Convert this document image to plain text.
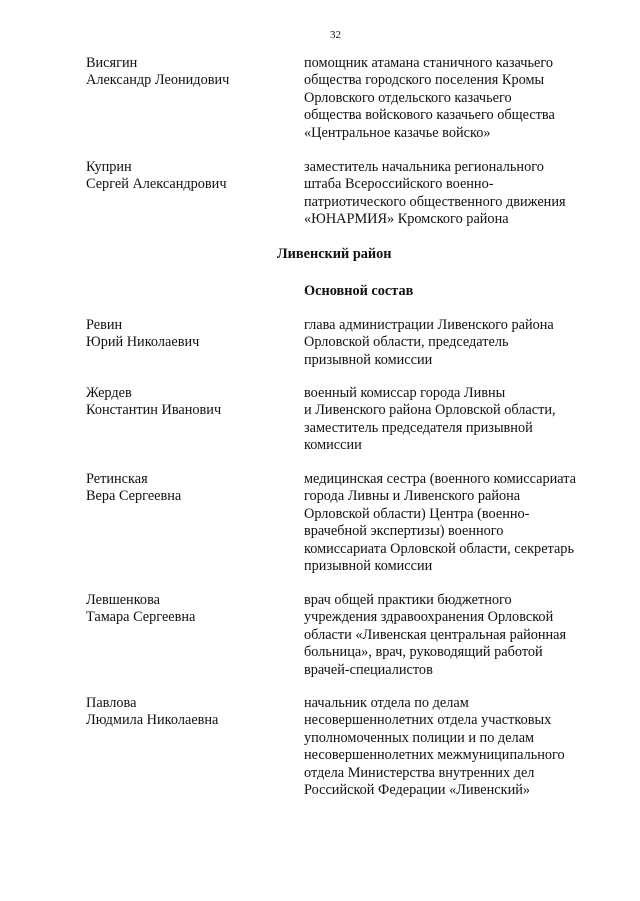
32
Висягин
Александр Леонидович
помощник атамана станичного казачьего
общества городского поселения Кромы
Орловского отдельского казачьего
общества войскового казачьего общества
«Центральное казачье войско»
Куприн
Сергей Александрович
заместитель начальника регионального
штаба Всероссийского военно-
патриотического общественного движения
«ЮНАРМИЯ» Кромского района
Ливенский район
Основной состав
Ревин
Юрий Николаевич
глава администрации Ливенского района
Орловской области, председатель
призывной комиссии
Жердев
Константин Иванович
военный комиссар города Ливны
и Ливенского района Орловской области,
заместитель председателя призывной
комиссии
Ретинская
Вера Сергеевна
медицинская сестра (военного комиссариата
города Ливны и Ливенского района
Орловской области) Центра (военно-
врачебной экспертизы) военного
комиссариата Орловской области, секретарь
призывной комиссии
Левшенкова
Тамара Сергеевна
врач общей практики бюджетного
учреждения здравоохранения Орловской
области «Ливенская центральная районная
больница», врач, руководящий работой
врачей-специалистов
Павлова
Людмила Николаевна
начальник отдела по делам
несовершеннолетних отдела участковых
уполномоченных полиции и по делам
несовершеннолетних межмуниципального
отдела Министерства внутренних дел
Российской Федерации «Ливенский»
